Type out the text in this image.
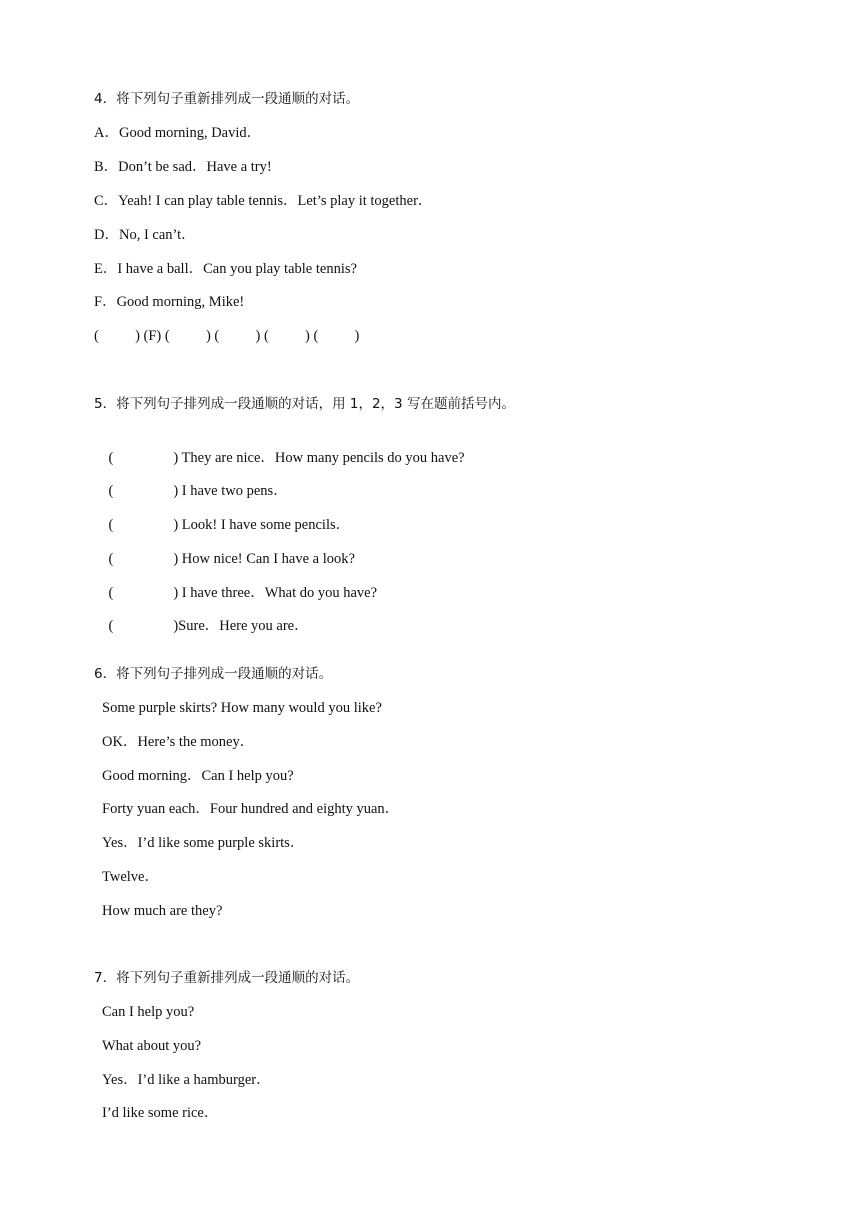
4．将下列句子重新排列成一段通顺的对话。
A．Good morning, David．
B．Don’t be sad．Have a try!
C．Yeah! I can play table tennis．Let’s play it together．
D．No, I can’t．
E．I have a ball．Can you play table tennis?
F．Good morning, Mike!
(          ) (F) (          ) (          ) (          ) (          )
5．将下列句子排列成一段通顺的对话，用 1，2，3 写在题前括号内。

(	) They are nice．How many pencils do you have?

(	) I have two pens．

(	) Look! I have some pencils．

(	) How nice! Can I have a look?

(	) I have three．What do you have?

(	)Sure．Here you are．

6．将下列句子排列成一段通顺的对话。
Some purple skirts? How many would you like?
OK．Here’s the money．
Good morning．Can I help you?
Forty yuan each．Four hundred and eighty yuan．
Yes．I’d like some purple skirts．
Twelve．
How much are they?
7．将下列句子重新排列成一段通顺的对话。
Can I help you?
What about you?
Yes．I’d like a hamburger．
I’d like some rice．
